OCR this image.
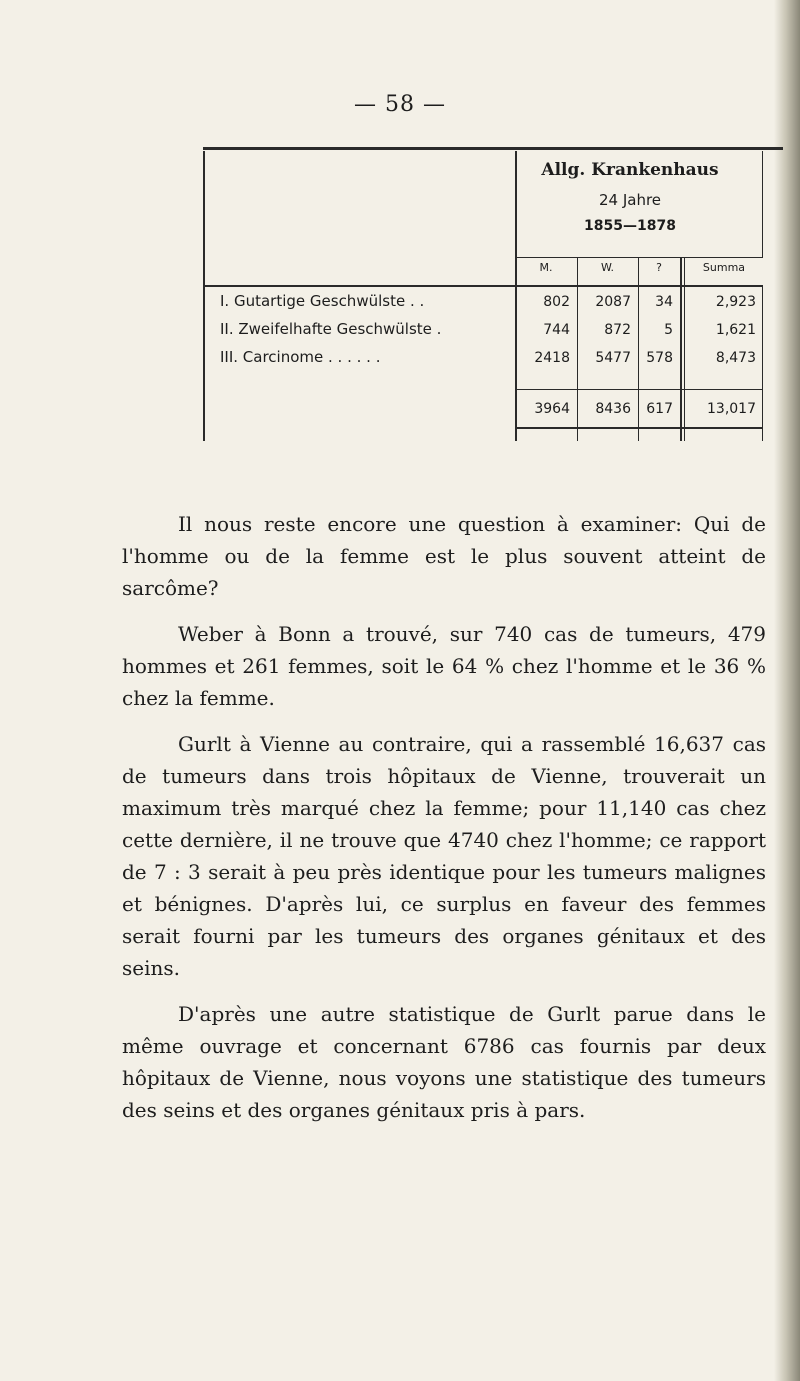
— 58 —
Allg. Krankenhaus
24 Jahre
1855—1878
M.	W.	?	Summa
I. Gutartige Geschwülste . .	802	2087	34	2,923
II. Zweifelhafte Geschwülste .	744	872	5	1,621
III. Carcinome . . . . . .	2418	5477	578	8,473
3964	8436	617	13,017

Il nous reste encore une question à examiner: Qui de l'homme ou de la femme est le plus souvent atteint de sarcôme?

Weber à Bonn a trouvé, sur 740 cas de tumeurs, 479 hommes et 261 femmes, soit le 64 % chez l'homme et le 36 % chez la femme.

Gurlt à Vienne au contraire, qui a rassemblé 16,637 cas de tumeurs dans trois hôpitaux de Vienne, trouverait un maximum très marqué chez la femme; pour 11,140 cas chez cette dernière, il ne trouve que 4740 chez l'homme; ce rapport de 7 : 3 serait à peu près identique pour les tumeurs malignes et bénignes. D'après lui, ce surplus en faveur des femmes serait fourni par les tumeurs des organes génitaux et des seins.

D'après une autre statistique de Gurlt parue dans le même ouvrage et concernant 6786 cas fournis par deux hôpitaux de Vienne, nous voyons une statistique des tumeurs des seins et des organes génitaux pris à pars.
